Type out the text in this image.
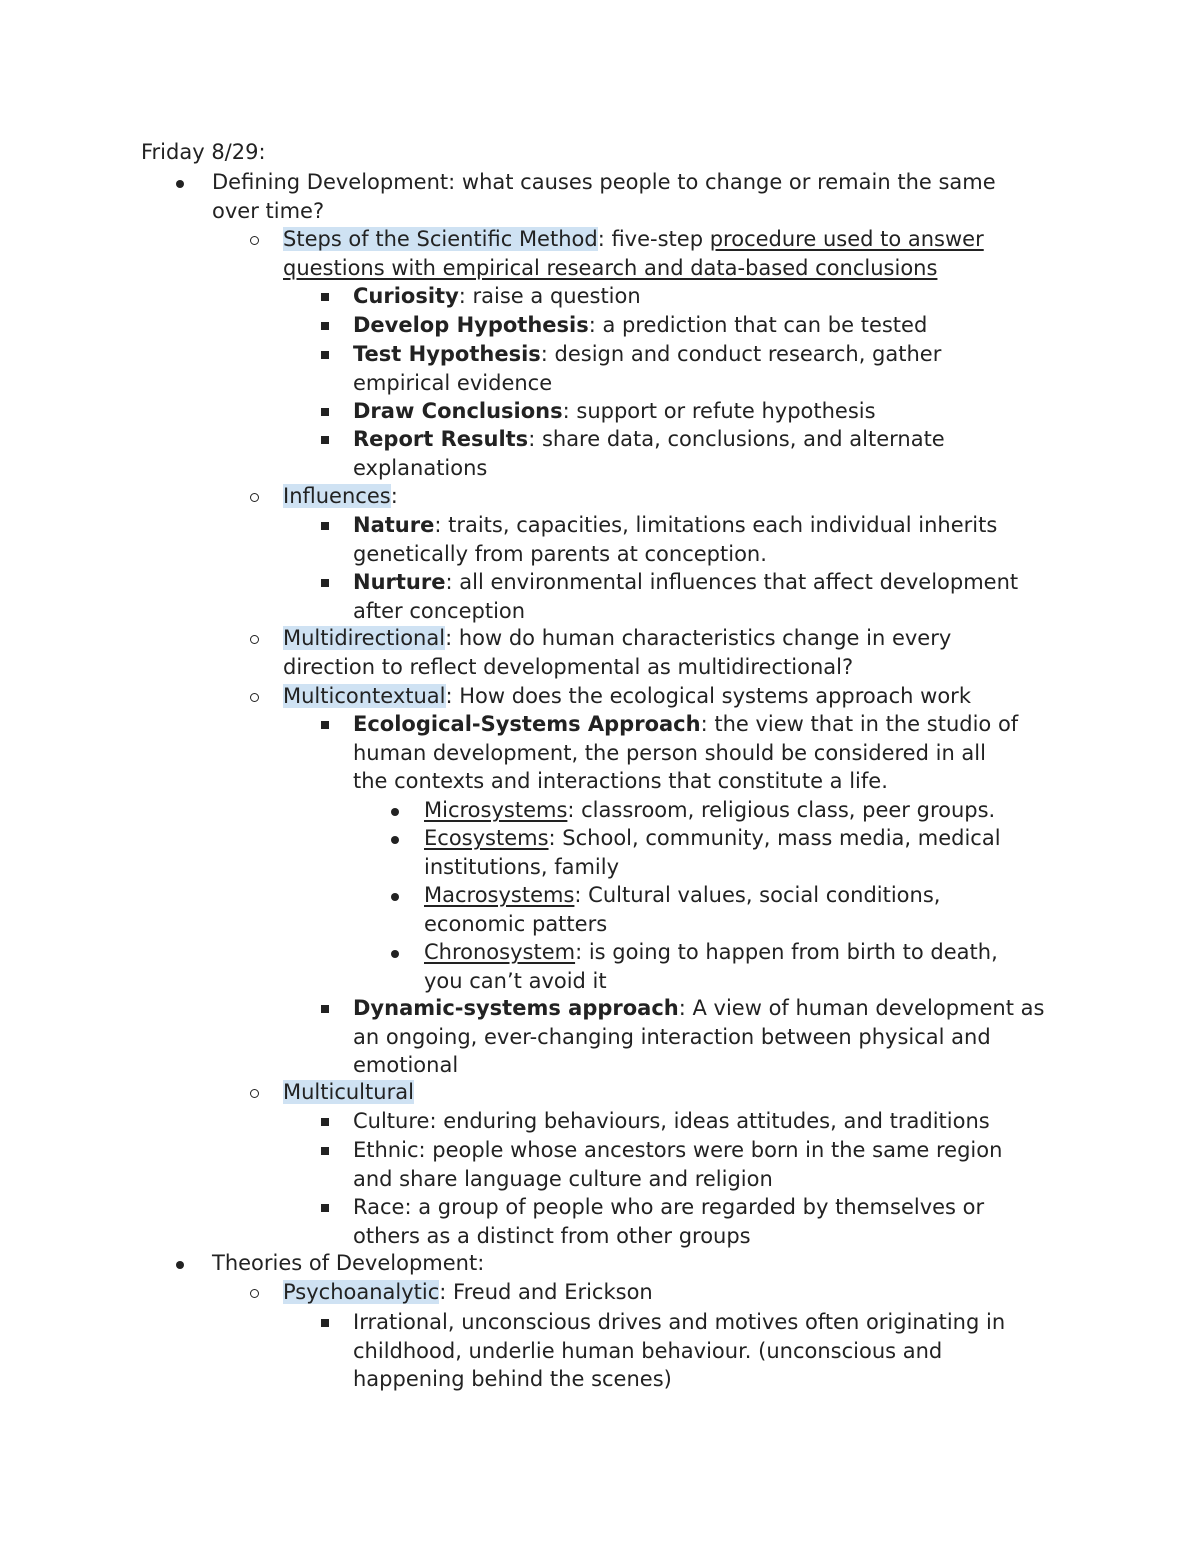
Friday 8/29:
Defining Development: what causes people to change or remain the same
over time?
Steps of the Scientific Method: five-step procedure used to answer
questions with empirical research and data-based conclusions
Curiosity: raise a question
Develop Hypothesis: a prediction that can be tested
Test Hypothesis: design and conduct research, gather
empirical evidence
Draw Conclusions: support or refute hypothesis
Report Results: share data, conclusions, and alternate
explanations
Influences:
Nature: traits, capacities, limitations each individual inherits
genetically from parents at conception.
Nurture: all environmental influences that affect development
after conception
Multidirectional: how do human characteristics change in every
direction to reflect developmental as multidirectional?
Multicontextual: How does the ecological systems approach work
Ecological-Systems Approach: the view that in the studio of
human development, the person should be considered in all
the contexts and interactions that constitute a life.
Microsystems: classroom, religious class, peer groups.
Ecosystems: School, community, mass media, medical
institutions, family
Macrosystems: Cultural values, social conditions,
economic patters
Chronosystem: is going to happen from birth to death,
you can’t avoid it
Dynamic-systems approach: A view of human development as
an ongoing, ever-changing interaction between physical and
emotional
Multicultural
Culture: enduring behaviours, ideas attitudes, and traditions
Ethnic: people whose ancestors were born in the same region
and share language culture and religion
Race: a group of people who are regarded by themselves or
others as a distinct from other groups
Theories of Development:
Psychoanalytic: Freud and Erickson
Irrational, unconscious drives and motives often originating in
childhood, underlie human behaviour. (unconscious and
happening behind the scenes)
